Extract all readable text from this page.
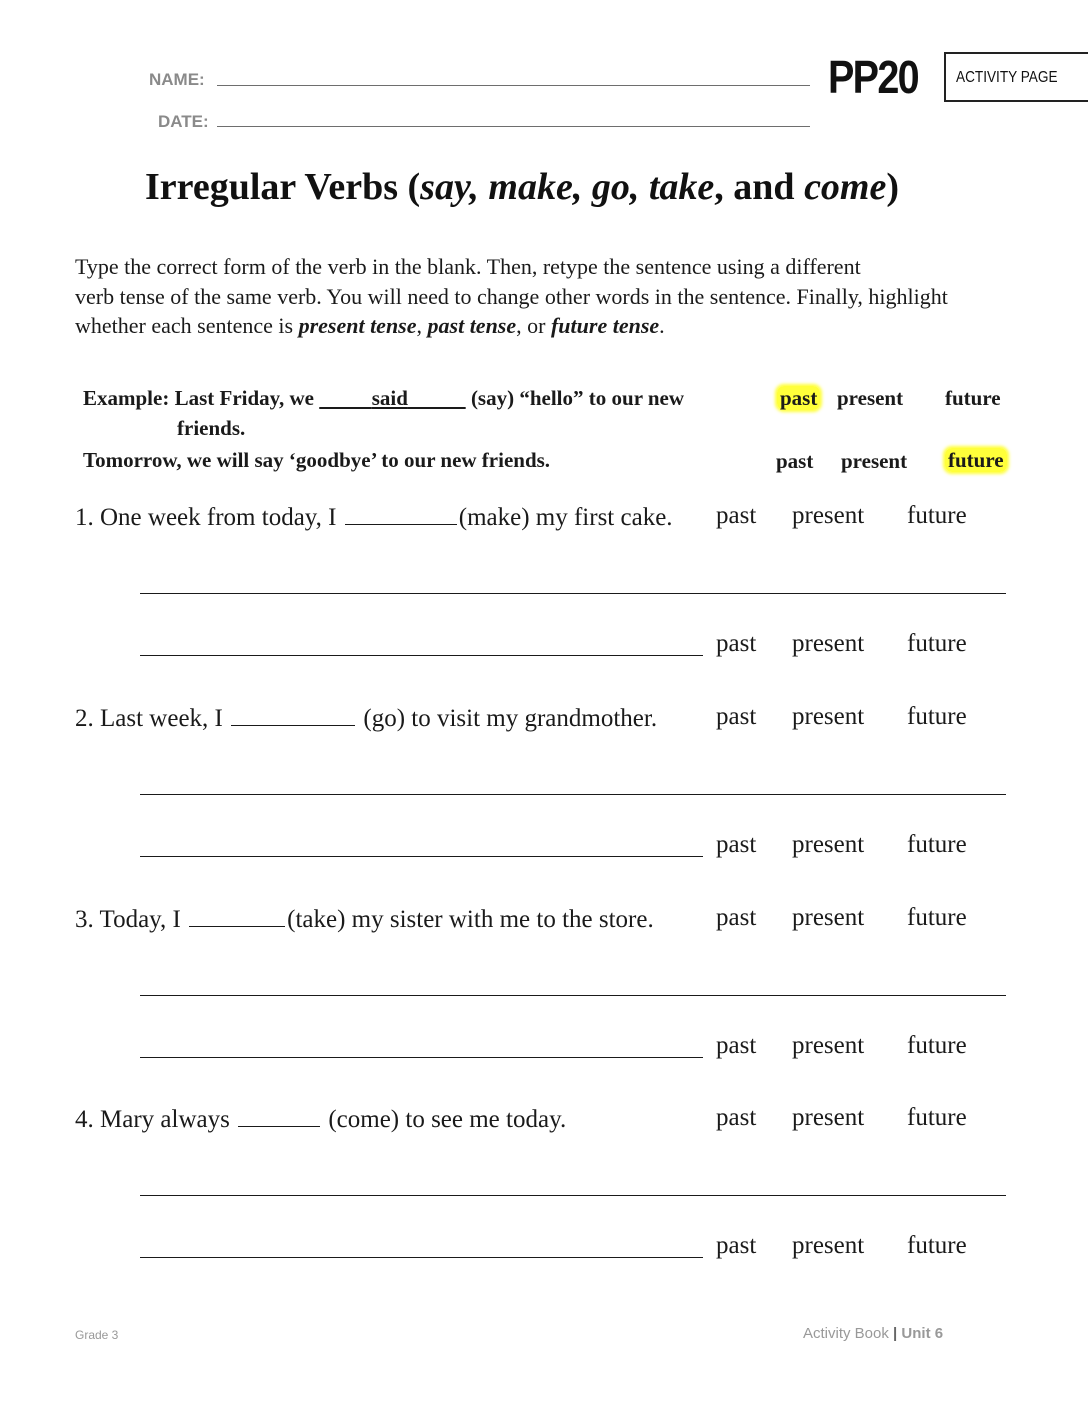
NAME:
DATE:
PP20	ACTIVITY PAGE
Irregular Verbs (say, make, go, take, and come)
Type the correct form of the verb in the blank. Then, retype the sentence using a different
verb tense of the same verb. You will need to change other words in the sentence. Finally, highlight
whether each sentence is present tense, past tense, or future tense.
Example: Last Friday, we	said	(say) “hello” to our new
friends.
past present future
Tomorrow, we will say ‘goodbye’ to our new friends.	past present future
1. One week from today, I	(make) my first cake. past present future
past present future
2. Last week, I	(go) to visit my grandmother. past present future
past present future
3. Today, I	(take) my sister with me to the store. past present future
past present future
4. Mary always	(come) to see me today.	past present future
past present future
Grade 3	Activity Book | Unit 6
